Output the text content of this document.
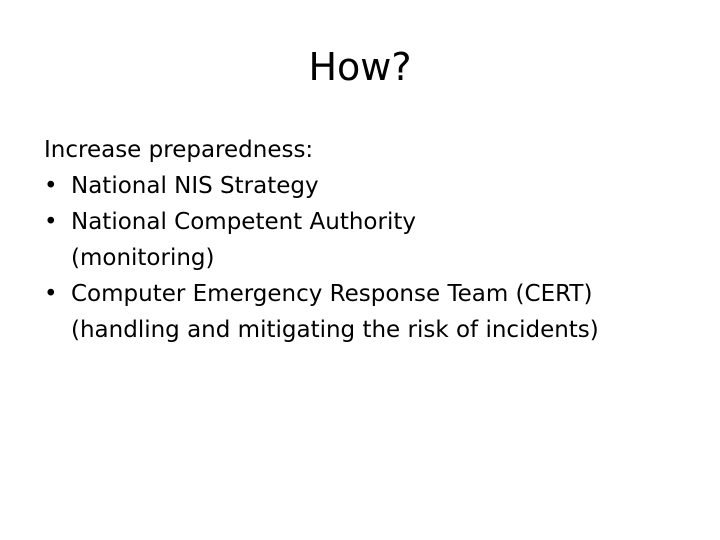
How?

Increase preparedness:

• National NIS Strategy
• National Competent Authority
(monitoring)
• Computer Emergency Response Team (CERT)
(handling and mitigating the risk of incidents)
